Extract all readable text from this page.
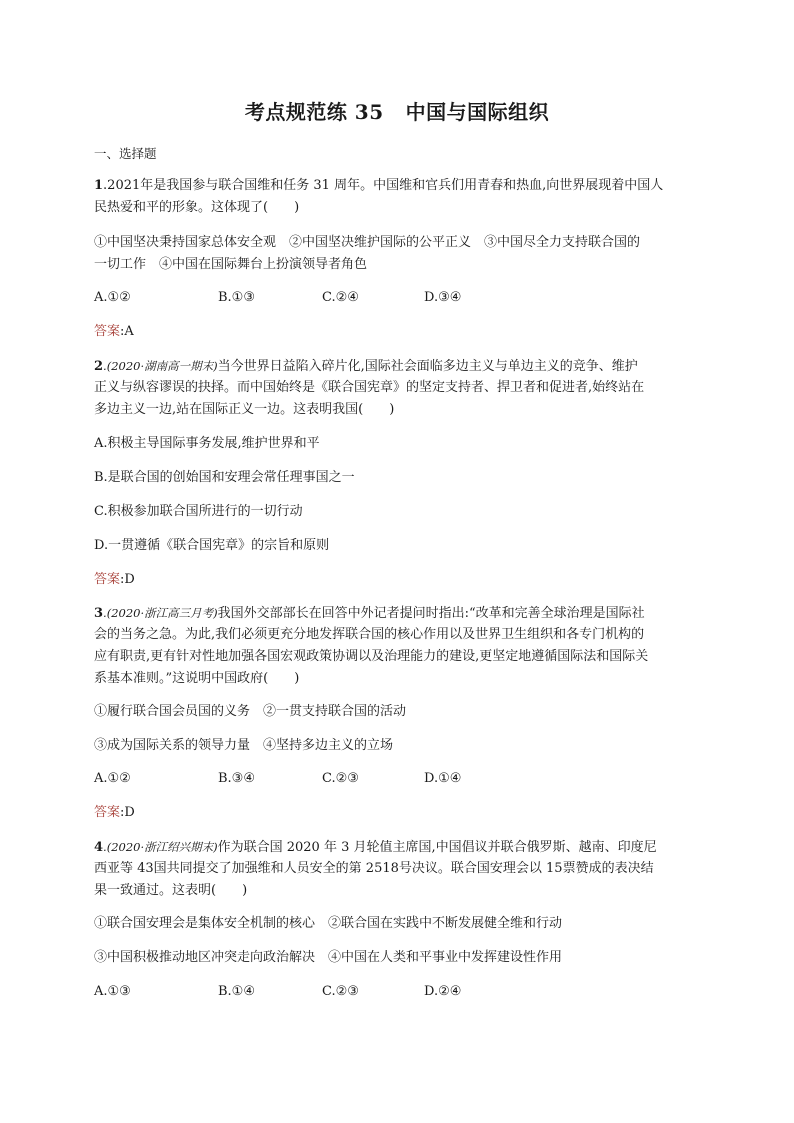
考点规范练 35 中国与国际组织
一、选择题
1.2021年是我国参与联合国维和任务 31 周年。中国维和官兵们用青春和热血,向世界展现着中国人
民热爱和平的形象。这体现了(　　)
①中国坚决秉持国家总体安全观　②中国坚决维护国际的公平正义　③中国尽全力支持联合国的
一切工作　④中国在国际舞台上扮演领导者角色
A.①②	B.①③	C.②④	D.③④
答案:A
2.(2020·湖南高一期末)当今世界日益陷入碎片化,国际社会面临多边主义与单边主义的竞争、维护
正义与纵容谬误的抉择。而中国始终是《联合国宪章》的坚定支持者、捍卫者和促进者,始终站在
多边主义一边,站在国际正义一边。这表明我国(　　)
A.积极主导国际事务发展,维护世界和平
B.是联合国的创始国和安理会常任理事国之一
C.积极参加联合国所进行的一切行动
D.一贯遵循《联合国宪章》的宗旨和原则
答案:D
3.(2020·浙江高三月考)我国外交部部长在回答中外记者提问时指出:“改革和完善全球治理是国际社
会的当务之急。为此,我们必须更充分地发挥联合国的核心作用以及世界卫生组织和各专门机构的
应有职责,更有针对性地加强各国宏观政策协调以及治理能力的建设,更坚定地遵循国际法和国际关
系基本准则。”这说明中国政府(　　)
①履行联合国会员国的义务　②一贯支持联合国的活动
③成为国际关系的领导力量　④坚持多边主义的立场
A.①②	B.③④	C.②③	D.①④
答案:D
4.(2020·浙江绍兴期末)作为联合国 2020 年 3 月轮值主席国,中国倡议并联合俄罗斯、越南、印度尼
西亚等 43国共同提交了加强维和人员安全的第 2518号决议。联合国安理会以 15票赞成的表决结
果一致通过。这表明(　　)
①联合国安理会是集体安全机制的核心　②联合国在实践中不断发展健全维和行动
③中国积极推动地区冲突走向政治解决　④中国在人类和平事业中发挥建设性作用
A.①③	B.①④	C.②③	D.②④
